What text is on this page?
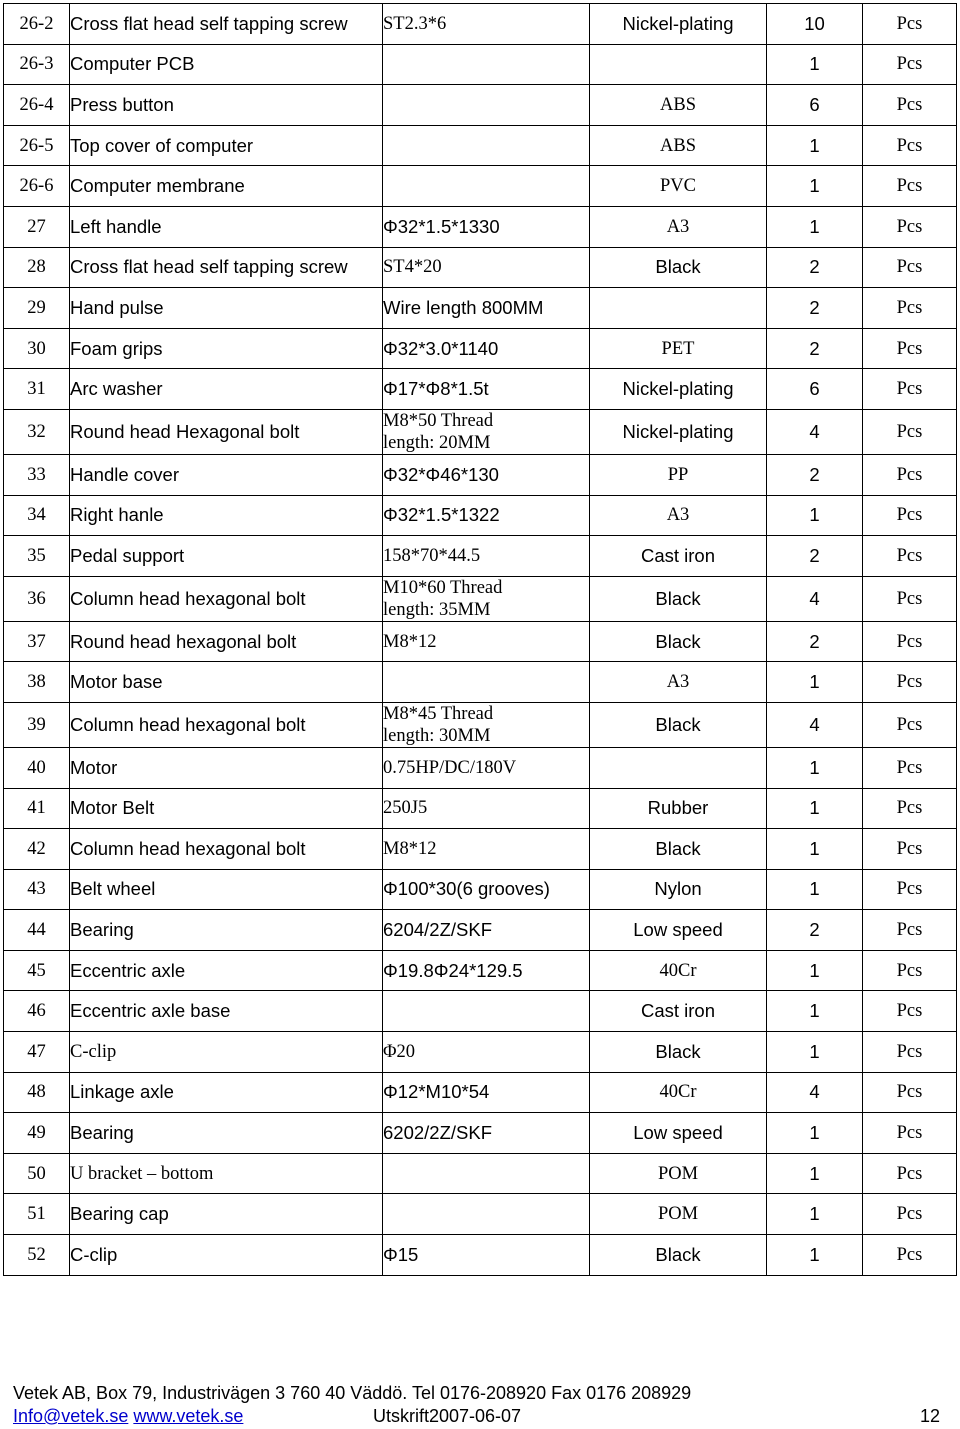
26-2	Cross flat head self tapping screw	ST2.3*6	Nickel-plating	10	Pcs
26-3	Computer PCB			1	Pcs
26-4	Press button		ABS	6	Pcs
26-5	Top cover of computer		ABS	1	Pcs
26-6	Computer membrane		PVC	1	Pcs
27	Left handle	Φ32*1.5*1330	A3	1	Pcs
28	Cross flat head self tapping screw	ST4*20	Black	2	Pcs
29	Hand pulse	Wire length 800MM		2	Pcs
30	Foam grips	Φ32*3.0*1140	PET	2	Pcs
31	Arc washer	Φ17*Φ8*1.5t	Nickel-plating	6	Pcs
32	Round head Hexagonal bolt	M8*50 Thread
length: 20MM	Nickel-plating	4	Pcs
33	Handle cover	Φ32*Φ46*130	PP	2	Pcs
34	Right hanle	Φ32*1.5*1322	A3	1	Pcs
35	Pedal support	158*70*44.5	Cast iron	2	Pcs
36	Column head hexagonal bolt	M10*60 Thread
length: 35MM	Black	4	Pcs
37	Round head hexagonal bolt	M8*12	Black	2	Pcs
38	Motor base		A3	1	Pcs
39	Column head hexagonal bolt	M8*45 Thread
length: 30MM	Black	4	Pcs
40	Motor	0.75HP/DC/180V		1	Pcs
41	Motor Belt	250J5	Rubber	1	Pcs
42	Column head hexagonal bolt	M8*12	Black	1	Pcs
43	Belt wheel	Φ100*30(6 grooves)	Nylon	1	Pcs
44	Bearing	6204/2Z/SKF	Low speed	2	Pcs
45	Eccentric axle	Φ19.8Φ24*129.5	40Cr	1	Pcs
46	Eccentric axle base		Cast iron	1	Pcs
47	C-clip	Φ20	Black	1	Pcs
48	Linkage axle	Φ12*M10*54	40Cr	4	Pcs
49	Bearing	6202/2Z/SKF	Low speed	1	Pcs
50	U bracket – bottom		POM	1	Pcs
51	Bearing cap		POM	1	Pcs
52	C-clip	Φ15	Black	1	Pcs
Vetek AB, Box 79, Industrivägen 3 760 40 Väddö. Tel 0176-208920 Fax 0176 208929
Info@vetek.se www.vetek.se	Utskrift2007-06-07	12
